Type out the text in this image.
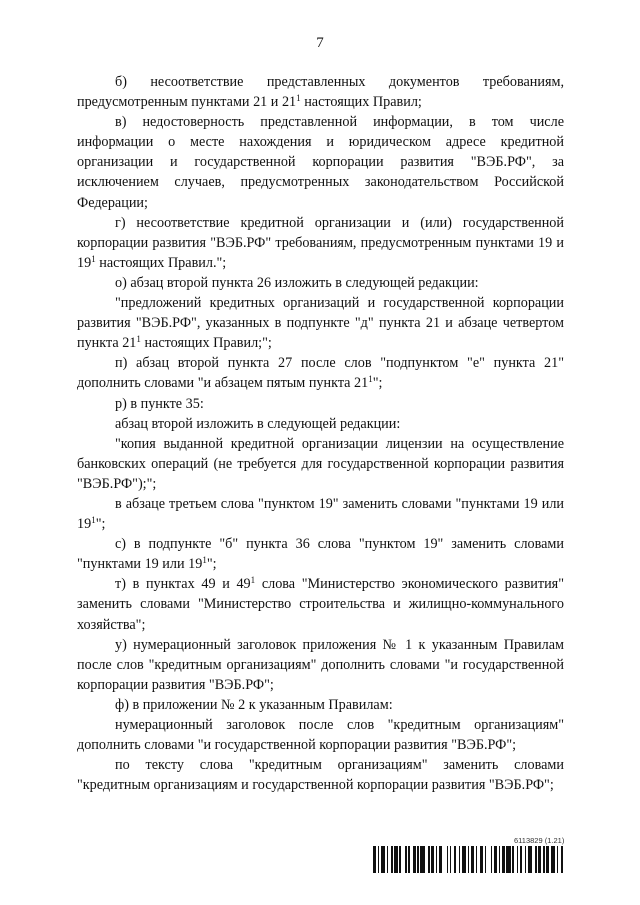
7

б) несоответствие представленных документов требованиям, предусмотренным пунктами 21 и $21^1$ настоящих Правил;

в) недостоверность представленной информации, в том числе информации о месте нахождения и юридическом адресе кредитной организации и государственной корпорации развития "ВЭБ.РФ", за исключением случаев, предусмотренных законодательством Российской Федерации;

г) несоответствие кредитной организации и (или) государственной корпорации развития "ВЭБ.РФ" требованиям, предусмотренным пунктами 19 и $19^1$ настоящих Правил.";

о) абзац второй пункта 26 изложить в следующей редакции:

"предложений кредитных организаций и государственной корпорации развития "ВЭБ.РФ", указанных в подпункте "д" пункта 21 и абзаце четвертом пункта $21^1$ настоящих Правил;";

п) абзац второй пункта 27 после слов "подпунктом "е" пункта 21" дополнить словами "и абзацем пятым пункта $21^1$";

р) в пункте 35:

абзац второй изложить в следующей редакции:

"копия выданной кредитной организации лицензии на осуществление банковских операций (не требуется для государственной корпорации развития "ВЭБ.РФ");";

в абзаце третьем слова "пунктом 19" заменить словами "пунктами 19 или $19^1$";

с) в подпункте "б" пункта 36 слова "пунктом 19" заменить словами "пунктами 19 или $19^1$";

т) в пунктах 49 и $49^1$ слова "Министерство экономического развития" заменить словами "Министерство строительства и жилищно-коммунального хозяйства";

у) нумерационный заголовок приложения № 1 к указанным Правилам после слов "кредитным организациям" дополнить словами "и государственной корпорации развития "ВЭБ.РФ";

ф) в приложении № 2 к указанным Правилам:

нумерационный заголовок после слов "кредитным организациям" дополнить словами "и государственной корпорации развития "ВЭБ.РФ";

по тексту слова "кредитным организациям" заменить словами "кредитным организациям и государственной корпорации развития "ВЭБ.РФ";

6113829 (1.21)
